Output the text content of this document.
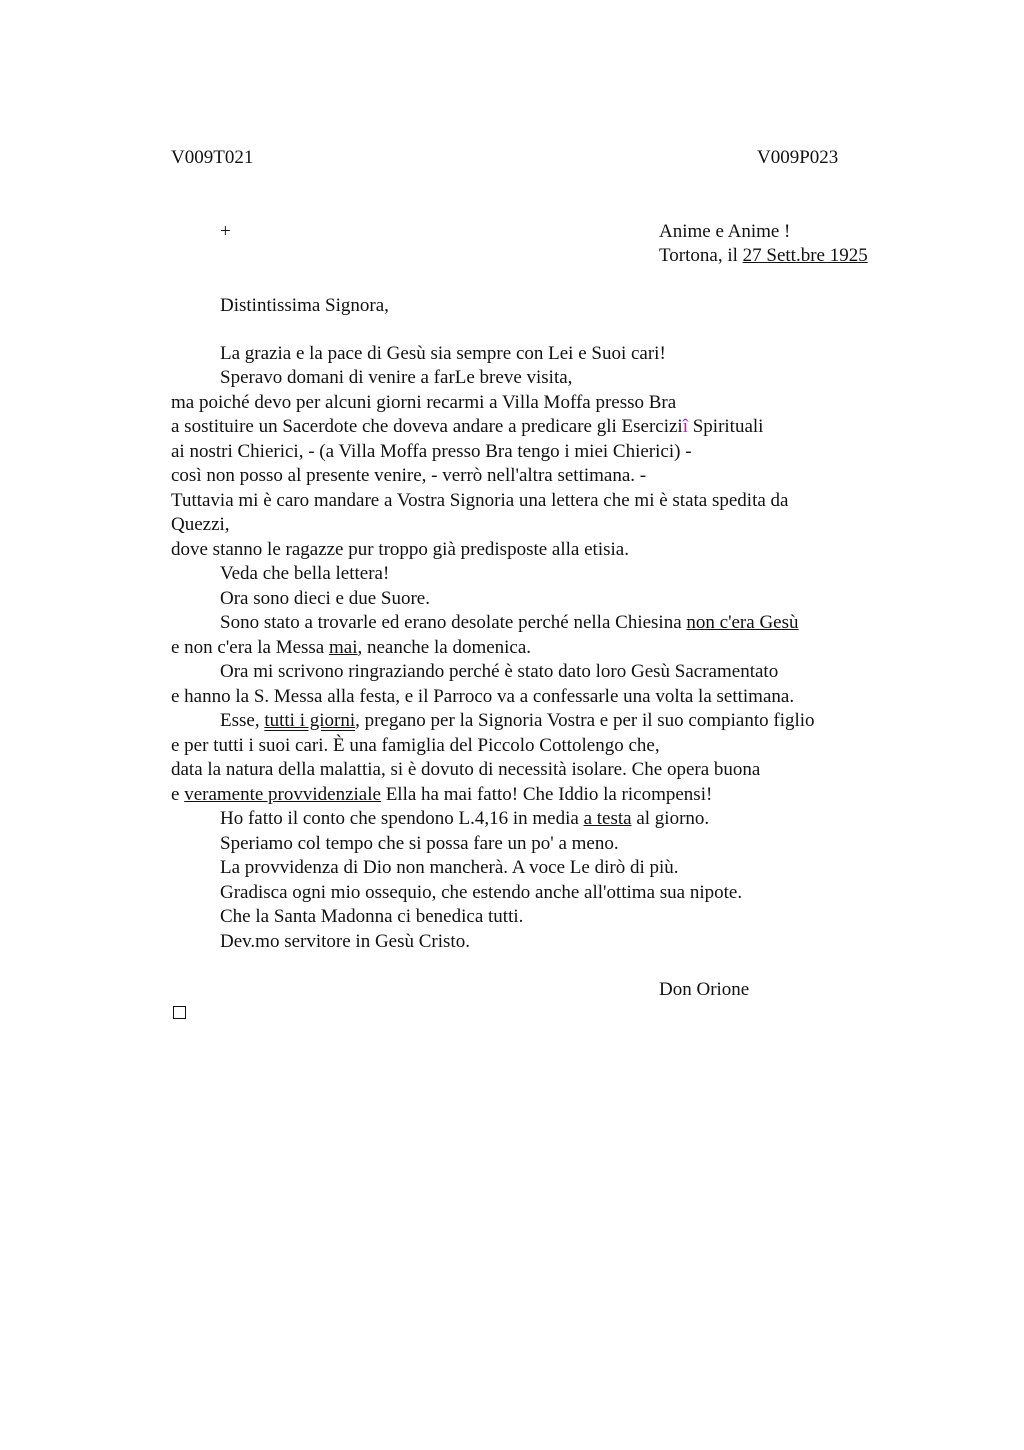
V009T021	V009P023
+	Anime e Anime !
Tortona, il 27 Sett.bre 1925
Distintissima Signora,
La grazia e la pace di Gesù sia sempre con Lei e Suoi cari!
Speravo domani di venire a farLe breve visita,
ma poiché devo per alcuni giorni recarmi a Villa Moffa presso Bra
a sostituire un Sacerdote che doveva andare a predicare gli Eserciziî Spirituali
ai nostri Chierici, - (a Villa Moffa presso Bra tengo i miei Chierici) -
così non posso al presente venire, - verrò nell'altra settimana. -
Tuttavia mi è caro mandare a Vostra Signoria una lettera che mi è stata spedita da
Quezzi,
dove stanno le ragazze pur troppo già predisposte alla etisia.
Veda che bella lettera!
Ora sono dieci e due Suore.
Sono stato a trovarle ed erano desolate perché nella Chiesina non c'era Gesù
e non c'era la Messa mai, neanche la domenica.
Ora mi scrivono ringraziando perché è stato dato loro Gesù Sacramentato
e hanno la S. Messa alla festa, e il Parroco va a confessarle una volta la settimana.
Esse, tutti i giorni, pregano per la Signoria Vostra e per il suo compianto figlio
e per tutti i suoi cari. È una famiglia del Piccolo Cottolengo che,
data la natura della malattia, si è dovuto di necessità isolare. Che opera buona
e veramente provvidenziale Ella ha mai fatto! Che Iddio la ricompensi!
Ho fatto il conto che spendono L.4,16 in media a testa al giorno.
Speriamo col tempo che si possa fare un po' a meno.
La provvidenza di Dio non mancherà. A voce Le dirò di più.
Gradisca ogni mio ossequio, che estendo anche all'ottima sua nipote.
Che la Santa Madonna ci benedica tutti.
Dev.mo servitore in Gesù Cristo.
Don Orione
